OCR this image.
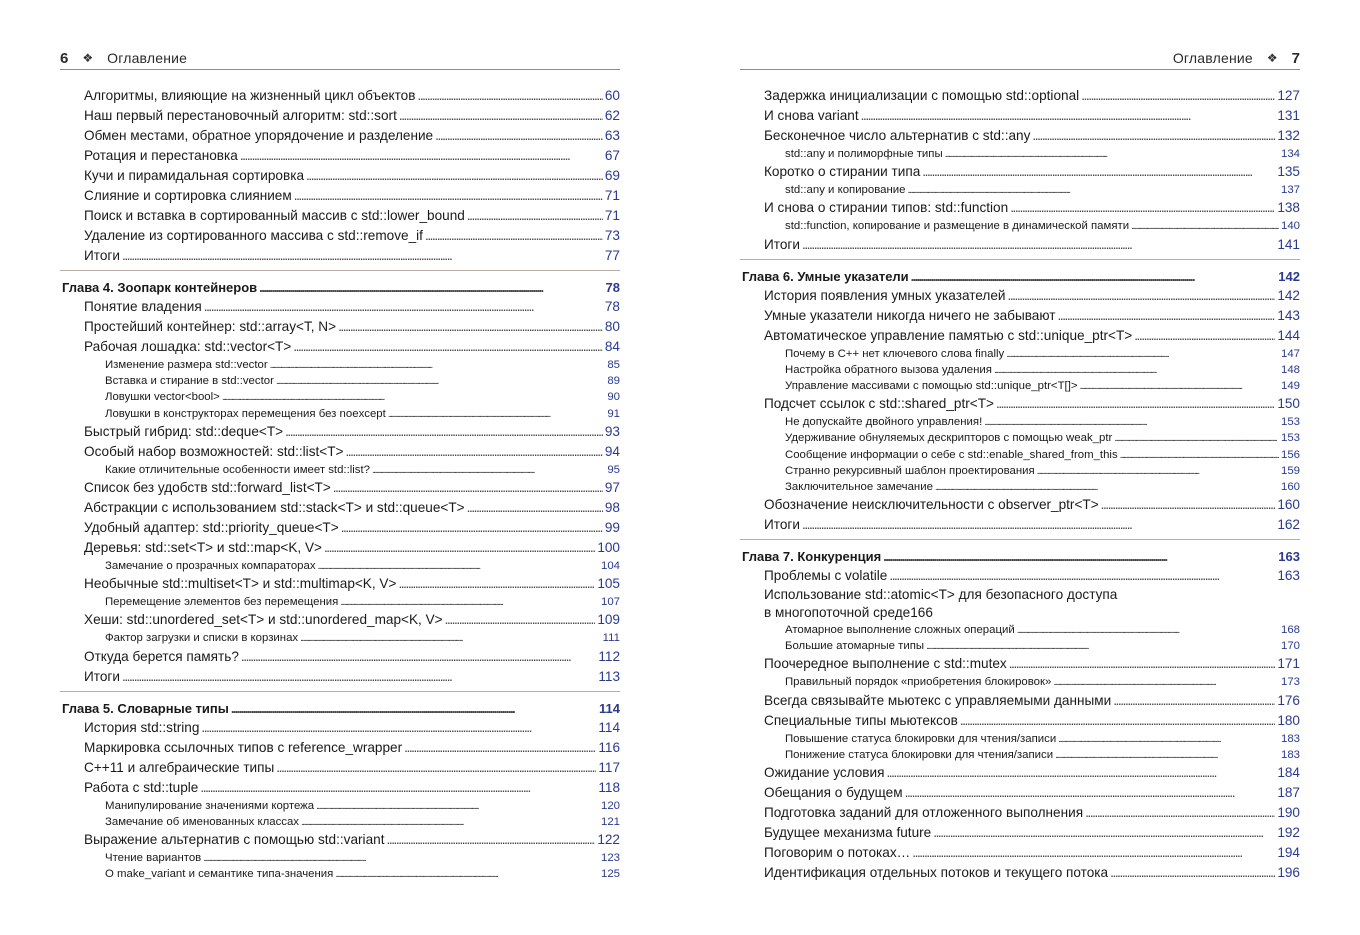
6 ❖ Оглавление
Алгоритмы, влияющие на жизненный цикл объектов . . .	60
Наш первый перестановочный алгоритм: std::sort . . .	62
Обмен местами, обратное упорядочение и разделение . . .	63
Ротация и перестановка . . .	67
Кучи и пирамидальная сортировка . . .	69
Слияние и сортировка слиянием . . .	71
Поиск и вставка в сортированный массив с std::lower_bound . . .	71
Удаление из сортированного массива с std::remove_if . . .	73
Итоги . . .	77
Глава 4. Зоопарк контейнеров . . .	78
Понятие владения . . .	78
Простейший контейнер: std::array<T, N> . . .	80
Рабочая лошадка: std::vector<T> . . .	84
Изменение размера std::vector . . .	85
Вставка и стирание в std::vector . . .	89
Ловушки vector<bool> . . .	90
Ловушки в конструкторах перемещения без noexcept . . .	91
Быстрый гибрид: std::deque<T> . . .	93
Особый набор возможностей: std::list<T> . . .	94
Какие отличительные особенности имеет std::list? . . .	95
Список без удобств std::forward_list<T> . . .	97
Абстракции с использованием std::stack<T> и std::queue<T> . . .	98
Удобный адаптер: std::priority_queue<T> . . .	99
Деревья: std::set<T> и std::map<K, V> . . .	100
Замечание о прозрачных компараторах . . .	104
Необычные std::multiset<T> и std::multimap<K, V> . . .	105
Перемещение элементов без перемещения . . .	107
Хеши: std::unordered_set<T> и std::unordered_map<K, V> . . .	109
Фактор загрузки и списки в корзинах . . .	111
Откуда берется память? . . .	112
Итоги . . .	113
Глава 5. Словарные типы . . .	114
История std::string . . .	114
Маркировка ссылочных типов с reference_wrapper . . .	116
C++11 и алгебраические типы . . .	117
Работа с std::tuple . . .	118
Манипулирование значениями кортежа . . .	120
Замечание об именованных классах . . .	121
Выражение альтернатив с помощью std::variant . . .	122
Чтение вариантов . . .	123
О make_variant и семантике типа-значения . . .	125
Оглавление ❖ 7
Задержка инициализации с помощью std::optional . . .	127
И снова variant . . .	131
Бесконечное число альтернатив с std::any . . .	132
std::any и полиморфные типы . . .	134
Коротко о стирании типа . . .	135
std::any и копирование . . .	137
И снова о стирании типов: std::function . . .	138
std::function, копирование и размещение в динамической памяти . . .	140
Итоги . . .	141
Глава 6. Умные указатели . . .	142
История появления умных указателей . . .	142
Умные указатели никогда ничего не забывают . . .	143
Автоматическое управление памятью с std::unique_ptr<T> . . .	144
Почему в C++ нет ключевого слова finally . . .	147
Настройка обратного вызова удаления . . .	148
Управление массивами с помощью std::unique_ptr<T[]> . . .	149
Подсчет ссылок с std::shared_ptr<T> . . .	150
Не допускайте двойного управления! . . .	153
Удерживание обнуляемых дескрипторов с помощью weak_ptr . . .	153
Сообщение информации о себе с std::enable_shared_from_this . . .	156
Странно рекурсивный шаблон проектирования . . .	159
Заключительное замечание . . .	160
Обозначение неисключительности с observer_ptr<T> . . .	160
Итоги . . .	162
Глава 7. Конкуренция . . .	163
Проблемы с volatile . . .	163
Использование std::atomic<T> для безопасного доступа
в многопоточной среде 166
Атомарное выполнение сложных операций . . .	168
Большие атомарные типы . . .	170
Поочередное выполнение с std::mutex . . .	171
Правильный порядок «приобретения блокировок» . . .	173
Всегда связывайте мьютекс с управляемыми данными . . .	176
Специальные типы мьютексов . . .	180
Повышение статуса блокировки для чтения/записи . . .	183
Понижение статуса блокировки для чтения/записи . . .	183
Ожидание условия . . .	184
Обещания о будущем . . .	187
Подготовка заданий для отложенного выполнения . . .	190
Будущее механизма future . . .	192
Поговорим о потоках… . . .	194
Идентификация отдельных потоков и текущего потока . . .	196
